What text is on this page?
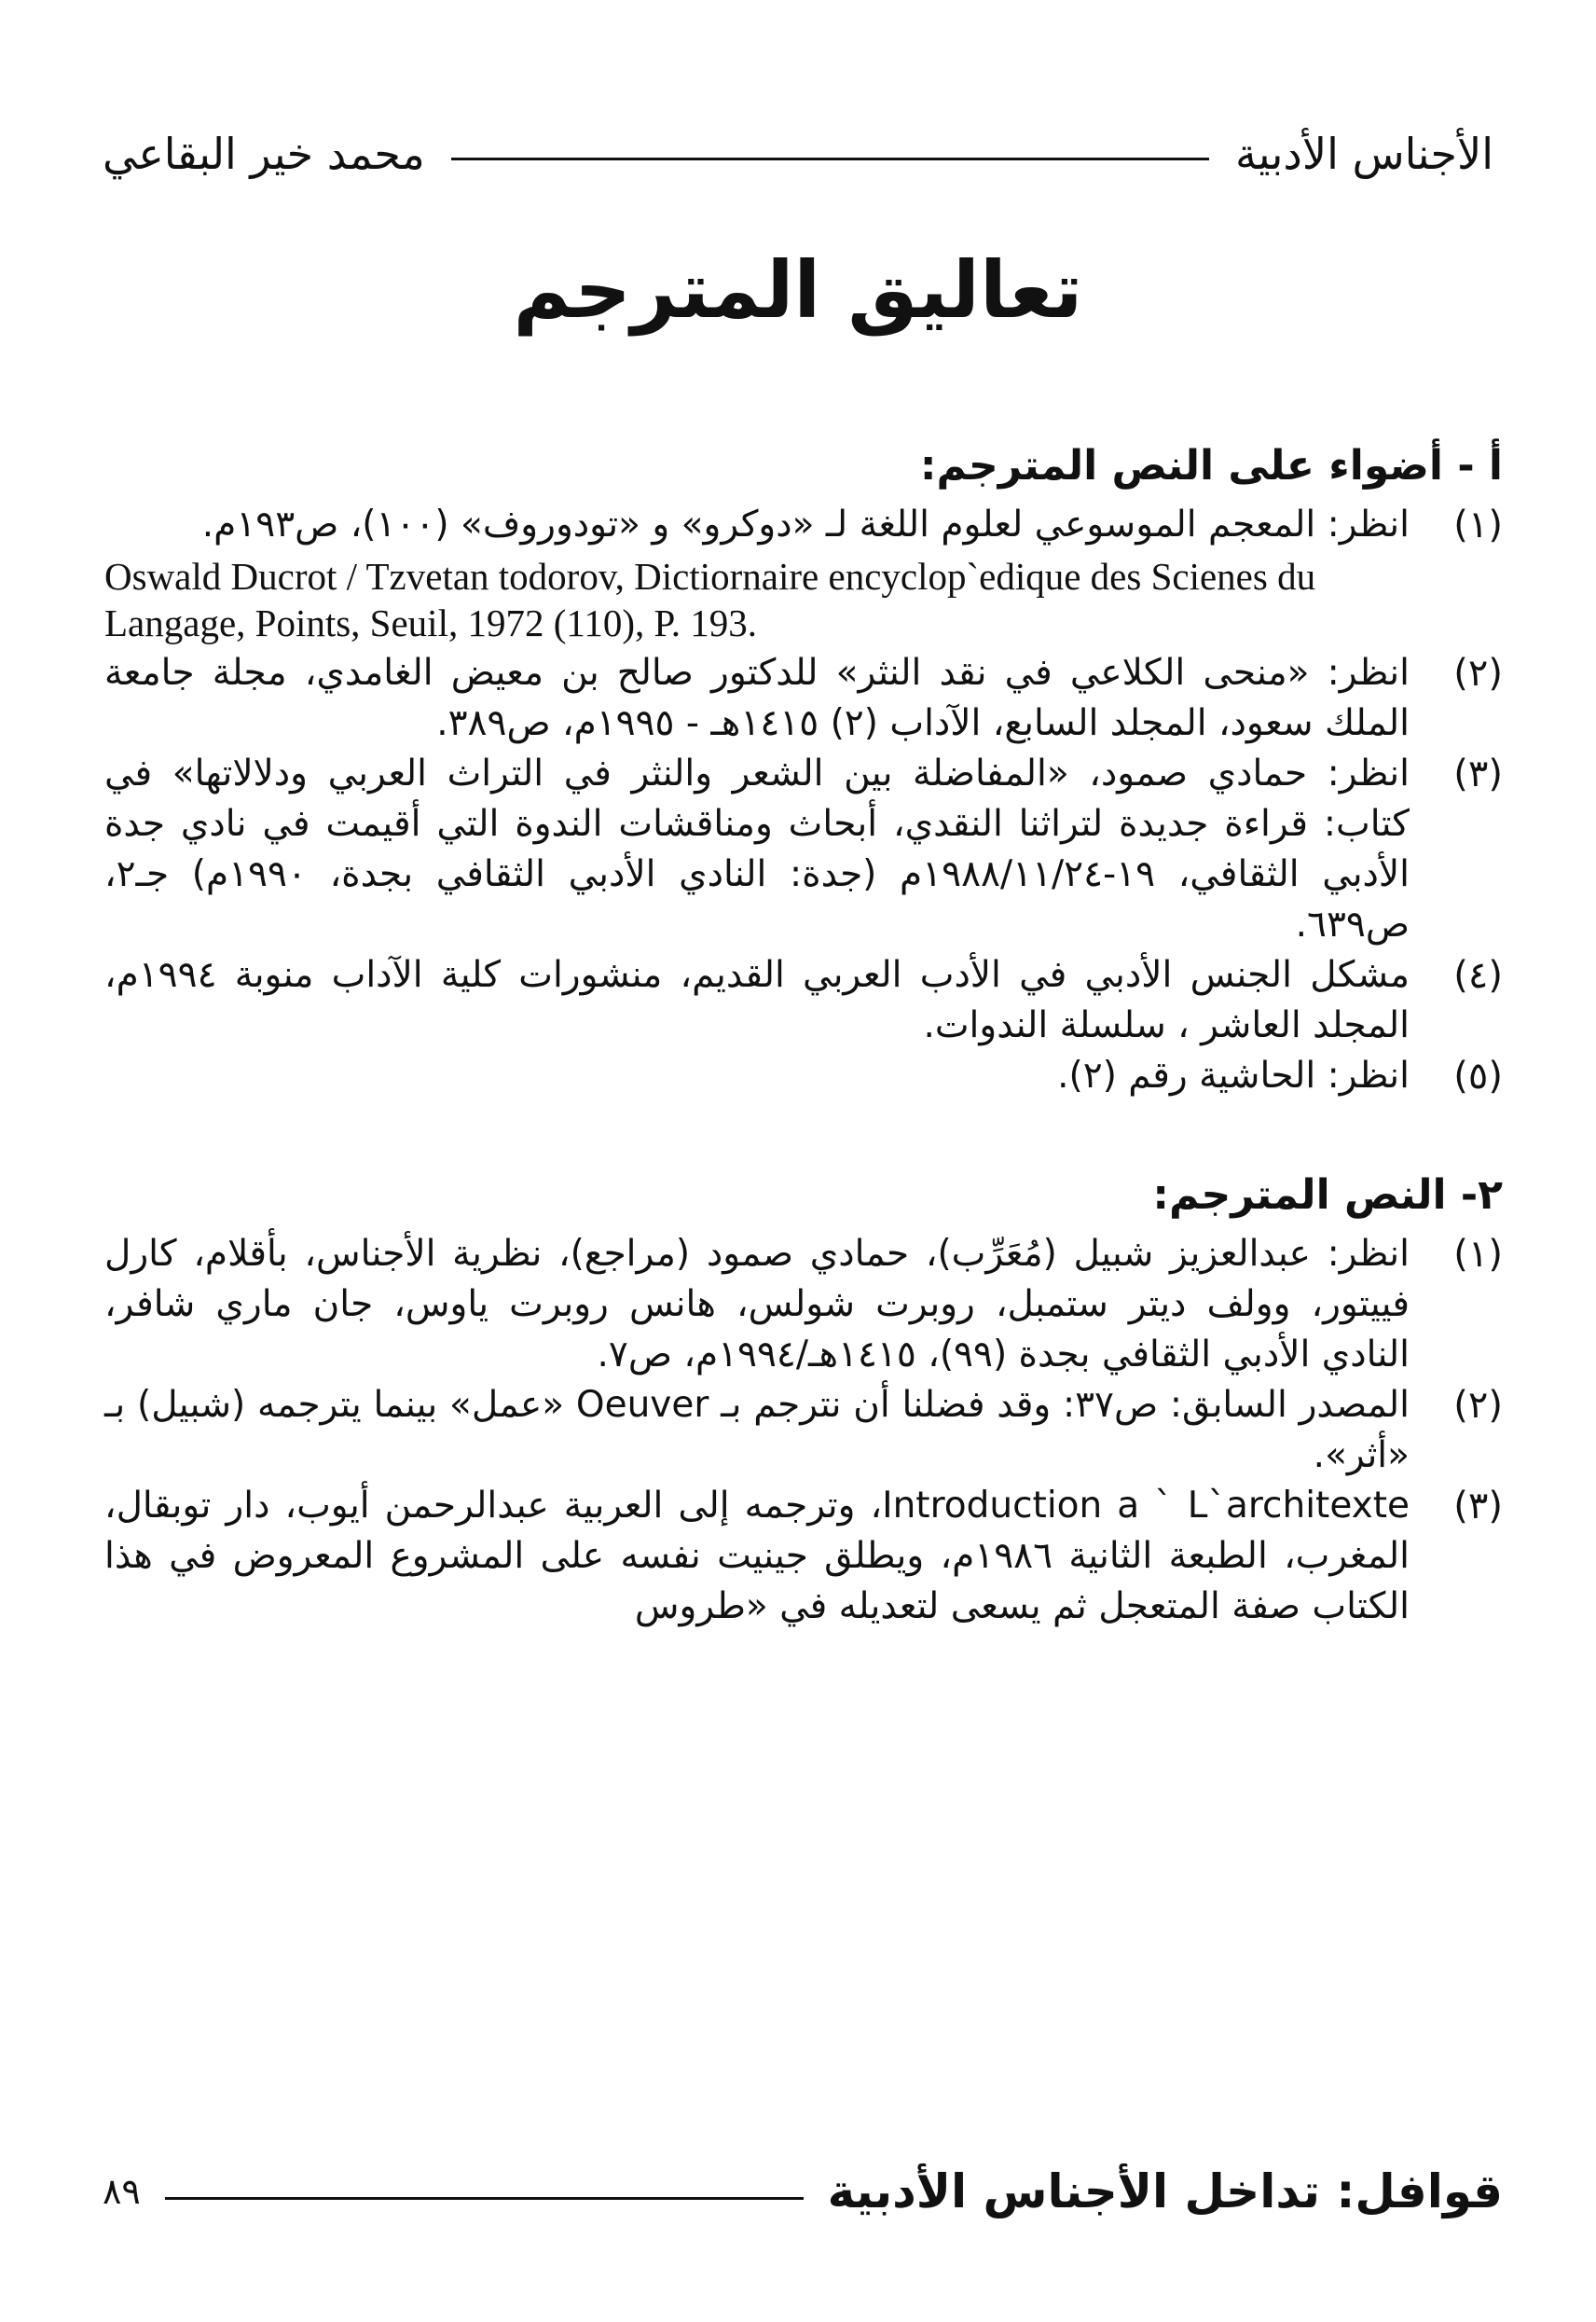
الأجناس الأدبية
محمد خير البقاعي
تعاليق المترجم
أ - أضواء على النص المترجم:
(١)
انظر: المعجم الموسوعي لعلوم اللغة لـ «دوكرو» و «تودوروف» (١٠٠)، ص١٩٣م.
Oswald Ducrot / Tzvetan todorov, Dictiornaire encyclop`edique des Scienes du Langage, Points, Seuil, 1972 (110), P. 193.
(٢)
انظر: «منحى الكلاعي في نقد النثر» للدكتور صالح بن معيض الغامدي، مجلة جامعة الملك سعود، المجلد السابع، الآداب (٢) ١٤١٥هـ - ١٩٩٥م، ص٣٨٩.
(٣)
انظر: حمادي صمود، «المفاضلة بين الشعر والنثر في التراث العربي ودلالاتها» في كتاب: قراءة جديدة لتراثنا النقدي، أبحاث ومناقشات الندوة التي أقيمت في نادي جدة الأدبي الثقافي، ١٩-١٩٨٨/١١/٢٤م (جدة: النادي الأدبي الثقافي بجدة، ١٩٩٠م) جـ٢، ص٦٣٩.
(٤)
مشكل الجنس الأدبي في الأدب العربي القديم، منشورات كلية الآداب منوبة ١٩٩٤م، المجلد العاشر ، سلسلة الندوات.
(٥)
انظر: الحاشية رقم (٢).
٢- النص المترجم:
(١)
انظر: عبدالعزيز شبيل (مُعَرِّب)، حمادي صمود (مراجع)، نظرية الأجناس، بأقلام، كارل فييتور، وولف ديتر ستمبل، روبرت شولس، هانس روبرت ياوس، جان ماري شافر، النادي الأدبي الثقافي بجدة (٩٩)، ١٤١٥هـ/١٩٩٤م، ص٧.
(٢)
المصدر السابق: ص٣٧: وقد فضلنا أن نترجم بـ Oeuver «عمل» بينما يترجمه (شبيل) بـ «أثر».
(٣)
Introduction a ` L`architexte، وترجمه إلى العربية عبدالرحمن أيوب، دار توبقال، المغرب، الطبعة الثانية ١٩٨٦م، ويطلق جينيت نفسه على المشروع المعروض في هذا الكتاب صفة المتعجل ثم يسعى لتعديله في «طروس
قوافل: تداخل الأجناس الأدبية
٨٩
